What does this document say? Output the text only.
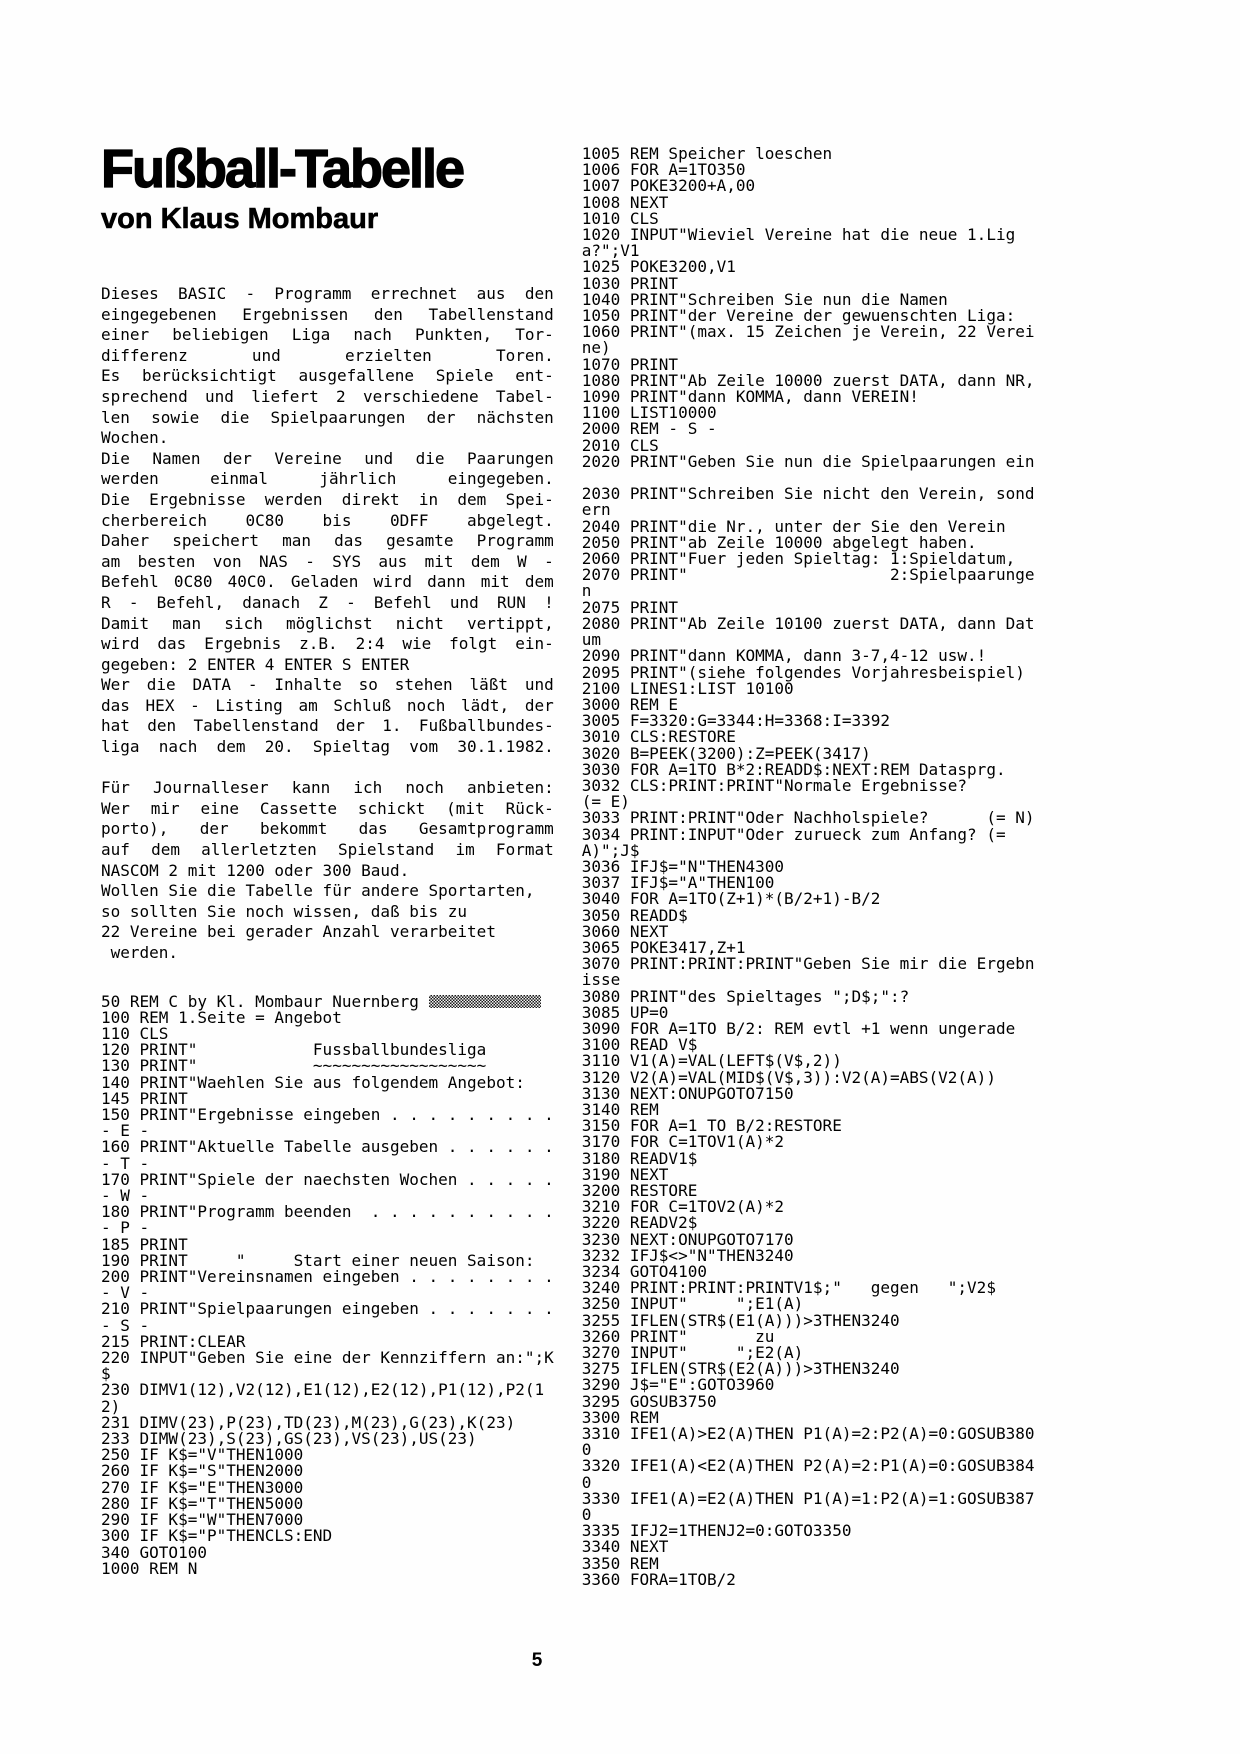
Fußball-Tabelle
von Klaus Mombaur
Dieses BASIC - Programm errechnet aus den
eingegebenen Ergebnissen den Tabellenstand
einer beliebigen Liga nach Punkten, Tor-
differenz und erzielten Toren.
Es berücksichtigt ausgefallene Spiele ent-
sprechend und liefert 2 verschiedene Tabel-
len sowie die Spielpaarungen der nächsten
Wochen.
Die Namen der Vereine und die Paarungen
werden einmal jährlich eingegeben.
Die Ergebnisse werden direkt in dem Spei-
cherbereich 0C80 bis 0DFF abgelegt.
Daher speichert man das gesamte Programm
am besten von NAS - SYS aus mit dem W -
Befehl 0C80 40C0. Geladen wird dann mit dem
R - Befehl, danach Z - Befehl und RUN !
Damit man sich möglichst nicht vertippt,
wird das Ergebnis z.B. 2:4 wie folgt ein-
gegeben: 2 ENTER 4 ENTER S ENTER
Wer die DATA - Inhalte so stehen läßt und
das HEX - Listing am Schluß noch lädt, der
hat den Tabellenstand der 1. Fußballbundes-
liga nach dem 20. Spieltag vom 30.1.1982.

Für Journalleser kann ich noch anbieten:
Wer mir eine Cassette schickt (mit Rück-
porto), der bekommt das Gesamtprogramm
auf dem allerletzten Spielstand im Format
NASCOM 2 mit 1200 oder 300 Baud.
Wollen Sie die Tabelle für andere Sportarten,
so sollten Sie noch wissen, daß bis zu
22 Vereine bei gerader Anzahl verarbeitet
werden.
50 REM C by Kl. Mombaur Nuernberg
100 REM 1.Seite = Angebot
110 CLS
120 PRINT"            Fussballbundesliga
130 PRINT"            ~~~~~~~~~~~~~~~~~~
140 PRINT"Waehlen Sie aus folgendem Angebot:
145 PRINT
150 PRINT"Ergebnisse eingeben . . . . . . . . . - E -
160 PRINT"Aktuelle Tabelle ausgeben . . . . . . - T -
170 PRINT"Spiele der naechsten Wochen . . . . . - W -
180 PRINT"Programm beenden  . . . . . . . . . . - P -
185 PRINT
190 PRINT     "     Start einer neuen Saison:
200 PRINT"Vereinsnamen eingeben . . . . . . . . - V -
210 PRINT"Spielpaarungen eingeben . . . . . . . - S -
215 PRINT:CLEAR
220 INPUT"Geben Sie eine der Kennziffern an:";K$
230 DIMV1(12),V2(12),E1(12),E2(12),P1(12),P2(12)
231 DIMV(23),P(23),TD(23),M(23),G(23),K(23)
233 DIMW(23),S(23),GS(23),VS(23),US(23)
250 IF K$="V"THEN1000
260 IF K$="S"THEN2000
270 IF K$="E"THEN3000
280 IF K$="T"THEN5000
290 IF K$="W"THEN7000
300 IF K$="P"THENCLS:END
340 GOTO100
1000 REM N
1005 REM Speicher loeschen
1006 FOR A=1TO350
1007 POKE3200+A,00
1008 NEXT
1010 CLS
1020 INPUT"Wieviel Vereine hat die neue 1.Liga?";V1
1025 POKE3200,V1
1030 PRINT
1040 PRINT"Schreiben Sie nun die Namen
1050 PRINT"der Vereine der gewuenschten Liga:
1060 PRINT"(max. 15 Zeichen je Verein, 22 Vereine)
1070 PRINT
1080 PRINT"Ab Zeile 10000 zuerst DATA, dann NR,
1090 PRINT"dann KOMMA, dann VEREIN!
1100 LIST10000
2000 REM - S -
2010 CLS
2020 PRINT"Geben Sie nun die Spielpaarungen ein

2030 PRINT"Schreiben Sie nicht den Verein, sondern
2040 PRINT"die Nr., unter der Sie den Verein
2050 PRINT"ab Zeile 10000 abgelegt haben.
2060 PRINT"Fuer jeden Spieltag: 1:Spieldatum,
2070 PRINT"                     2:Spielpaarungen
2075 PRINT
2080 PRINT"Ab Zeile 10100 zuerst DATA, dann Datum
2090 PRINT"dann KOMMA, dann 3-7,4-12 usw.!
2095 PRINT"(siehe folgendes Vorjahresbeispiel)
2100 LINES1:LIST 10100
3000 REM E
3005 F=3320:G=3344:H=3368:I=3392
3010 CLS:RESTORE
3020 B=PEEK(3200):Z=PEEK(3417)
3030 FOR A=1TO B*2:READD$:NEXT:REM Datasprg.
3032 CLS:PRINT:PRINT"Normale Ergebnisse?      (= E)
3033 PRINT:PRINT"Oder Nachholspiele?      (= N)
3034 PRINT:INPUT"Oder zurueck zum Anfang? (= A)";J$
3036 IFJ$="N"THEN4300
3037 IFJ$="A"THEN100
3040 FOR A=1TO(Z+1)*(B/2+1)-B/2
3050 READD$
3060 NEXT
3065 POKE3417,Z+1
3070 PRINT:PRINT:PRINT"Geben Sie mir die Ergebnisse
3080 PRINT"des Spieltages ";D$;":?
3085 UP=0
3090 FOR A=1TO B/2: REM evtl +1 wenn ungerade
3100 READ V$
3110 V1(A)=VAL(LEFT$(V$,2))
3120 V2(A)=VAL(MID$(V$,3)):V2(A)=ABS(V2(A))
3130 NEXT:ONUPGOTO7150
3140 REM
3150 FOR A=1 TO B/2:RESTORE
3170 FOR C=1TOV1(A)*2
3180 READV1$
3190 NEXT
3200 RESTORE
3210 FOR C=1TOV2(A)*2
3220 READV2$
3230 NEXT:ONUPGOTO7170
3232 IFJ$<>"N"THEN3240
3234 GOTO4100
3240 PRINT:PRINT:PRINTV1$;"   gegen   ";V2$
3250 INPUT"     ";E1(A)
3255 IFLEN(STR$(E1(A)))>3THEN3240
3260 PRINT"       zu
3270 INPUT"     ";E2(A)
3275 IFLEN(STR$(E2(A)))>3THEN3240
3290 J$="E":GOTO3960
3295 GOSUB3750
3300 REM
3310 IFE1(A)>E2(A)THEN P1(A)=2:P2(A)=0:GOSUB3800
3320 IFE1(A)<E2(A)THEN P2(A)=2:P1(A)=0:GOSUB3840
3330 IFE1(A)=E2(A)THEN P1(A)=1:P2(A)=1:GOSUB3870
3335 IFJ2=1THENJ2=0:GOTO3350
3340 NEXT
3350 REM
3360 FORA=1TOB/2
5
